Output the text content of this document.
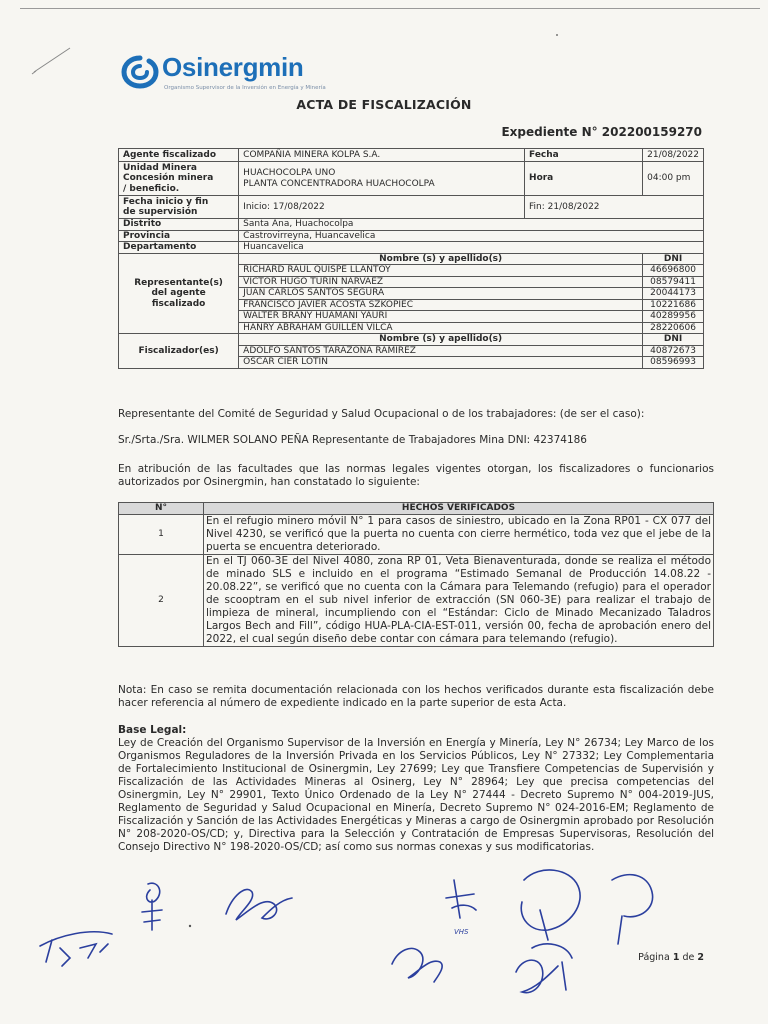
Osinergmin
Organismo Supervisor de la Inversión en Energía y Minería
ACTA DE FISCALIZACIÓN
Expediente N° 202200159270
Agente fiscalizado	COMPAÑIA MINERA KOLPA S.A.	Fecha	21/08/2022
Unidad Minera
Concesión minera
/ beneficio.	HUACHOCOLPA UNO
PLANTA CONCENTRADORA HUACHOCOLPA	Hora	04:00 pm
Fecha inicio y fin
de supervisión	Inicio: 17/08/2022	Fin: 21/08/2022	
Distrito	Santa Ana, Huachocolpa		
Provincia	Castrovirreyna, Huancavelica		
Departamento	Huancavelica		
Representante(s)
del agente
fiscalizado	Nombre (s) y apellido(s)		DNI
	RICHARD RAUL QUISPE LLANTOY		46696800
	VICTOR HUGO TURIN NARVAEZ		08579411
	JUAN CARLOS SANTOS SEGURA		20044173
	FRANCISCO JAVIER ACOSTA SZKOPIEC		10221686
	WALTER BRANY HUAMANI YAURI		40289956
	HANRY ABRAHAM GUILLEN VILCA		28220606
Fiscalizador(es)	Nombre (s) y apellido(s)		DNI
	ADOLFO SANTOS TARAZONA RAMIREZ		40872673
	OSCAR CIER LOTIN		08596993
Representante del Comité de Seguridad y Salud Ocupacional o de los trabajadores: (de ser el caso):
Sr./Srta./Sra. WILMER SOLANO PEÑA Representante de Trabajadores Mina DNI: 42374186
En atribución de las facultades que las normas legales vigentes otorgan, los fiscalizadores o funcionarios autorizados por Osinergmin, han constatado lo siguiente:
N°	HECHOS VERIFICADOS
1	En el refugio minero móvil N° 1 para casos de siniestro, ubicado en la Zona RP01 - CX 077 del Nivel 4230, se verificó que la puerta no cuenta con cierre hermético, toda vez que el jebe de la puerta se encuentra deteriorado.
2	En el TJ 060-3E del Nivel 4080, zona RP 01, Veta Bienaventurada, donde se realiza el método de minado SLS e incluido en el programa “Estimado Semanal de Producción 14.08.22 - 20.08.22”, se verificó que no cuenta con la Cámara para Telemando (refugio) para el operador de scooptram en el sub nivel inferior de extracción (SN 060-3E) para realizar el trabajo de limpieza de mineral, incumpliendo con el “Estándar: Ciclo de Minado Mecanizado Taladros Largos Bech and Fill”, código HUA-PLA-CIA-EST-011, versión 00, fecha de aprobación enero del 2022, el cual según diseño debe contar con cámara para telemando (refugio).
Nota: En caso se remita documentación relacionada con los hechos verificados durante esta fiscalización debe hacer referencia al número de expediente indicado en la parte superior de esta Acta.
Base Legal:
Ley de Creación del Organismo Supervisor de la Inversión en Energía y Minería, Ley N° 26734; Ley Marco de los Organismos Reguladores de la Inversión Privada en los Servicios Públicos, Ley N° 27332; Ley Complementaria de Fortalecimiento Institucional de Osinergmin, Ley 27699; Ley que Transfiere Competencias de Supervisión y Fiscalización de las Actividades Mineras al Osinerg, Ley N° 28964; Ley que precisa competencias del Osinergmin, Ley N° 29901, Texto Único Ordenado de la Ley N° 27444 - Decreto Supremo N° 004-2019-JUS, Reglamento de Seguridad y Salud Ocupacional en Minería, Decreto Supremo N° 024-2016-EM; Reglamento de Fiscalización y Sanción de las Actividades Energéticas y Mineras a cargo de Osinergmin aprobado por Resolución N° 208-2020-OS/CD; y, Directiva para la Selección y Contratación de Empresas Supervisoras, Resolución del Consejo Directivo N° 198-2020-OS/CD; así como sus normas conexas y sus modificatorias.
VHS
Página 1 de 2
